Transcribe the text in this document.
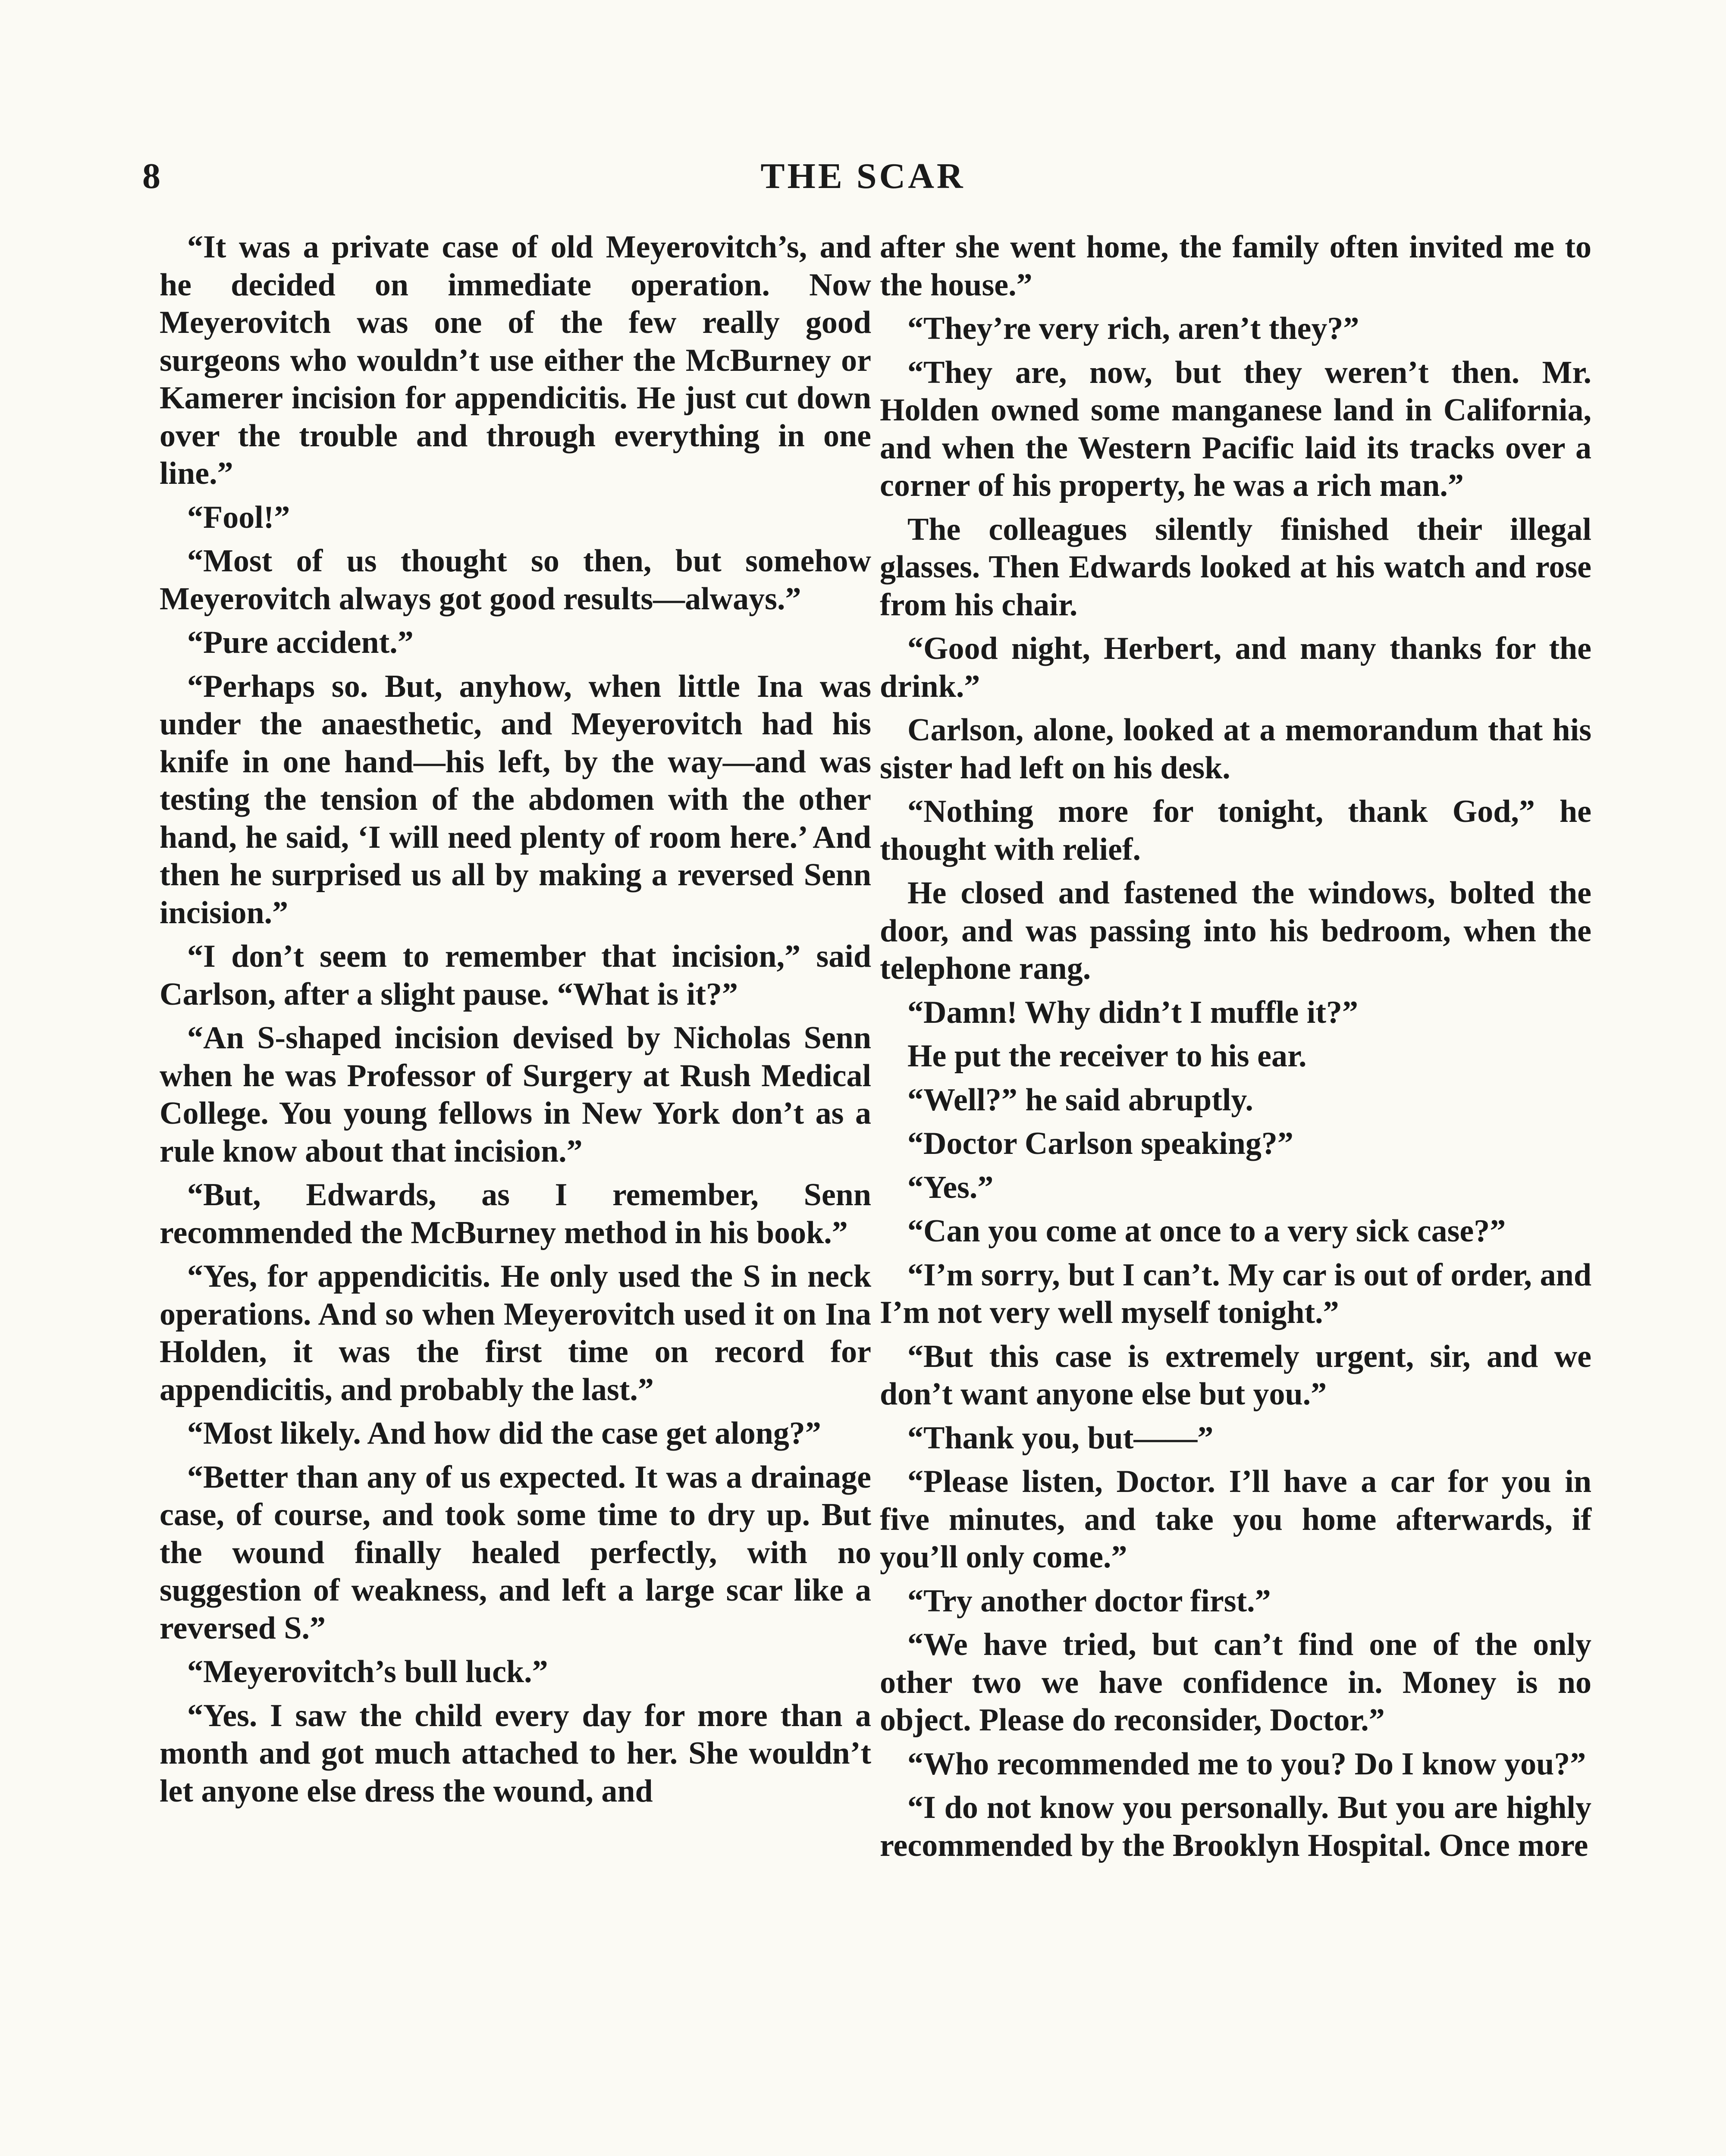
8	THE SCAR

“It was a private case of old Meyerovitch’s, and he decided on immediate operation. Now Meyerovitch was one of the few really good surgeons who wouldn’t use either the McBurney or Kamerer incision for appendicitis. He just cut down over the trouble and through everything in one line.”

“Fool!”

“Most of us thought so then, but somehow Meyerovitch always got good results—always.”

“Pure accident.”

“Perhaps so. But, anyhow, when little Ina was under the anaesthetic, and Meyerovitch had his knife in one hand—his left, by the way—and was testing the tension of the abdomen with the other hand, he said, ‘I will need plenty of room here.’ And then he surprised us all by making a reversed Senn incision.”

“I don’t seem to remember that incision,” said Carlson, after a slight pause. “What is it?”

“An S-shaped incision devised by Nicholas Senn when he was Professor of Surgery at Rush Medical College. You young fellows in New York don’t as a rule know about that incision.”

“But, Edwards, as I remember, Senn recommended the McBurney method in his book.”

“Yes, for appendicitis. He only used the S in neck operations. And so when Meyerovitch used it on Ina Holden, it was the first time on record for appendicitis, and probably the last.”

“Most likely. And how did the case get along?”

“Better than any of us expected. It was a drainage case, of course, and took some time to dry up. But the wound finally healed perfectly, with no suggestion of weakness, and left a large scar like a reversed S.”

“Meyerovitch’s bull luck.”

“Yes. I saw the child every day for more than a month and got much attached to her. She wouldn’t let anyone else dress the wound, and

after she went home, the family often invited me to the house.”

“They’re very rich, aren’t they?”

“They are, now, but they weren’t then. Mr. Holden owned some manganese land in California, and when the Western Pacific laid its tracks over a corner of his property, he was a rich man.”

The colleagues silently finished their illegal glasses. Then Edwards looked at his watch and rose from his chair.

“Good night, Herbert, and many thanks for the drink.”

Carlson, alone, looked at a memorandum that his sister had left on his desk.

“Nothing more for tonight, thank God,” he thought with relief.

He closed and fastened the windows, bolted the door, and was passing into his bedroom, when the telephone rang.

“Damn! Why didn’t I muffle it?”

He put the receiver to his ear.

“Well?” he said abruptly.

“Doctor Carlson speaking?”

“Yes.”

“Can you come at once to a very sick case?”

“I’m sorry, but I can’t. My car is out of order, and I’m not very well myself tonight.”

“But this case is extremely urgent, sir, and we don’t want anyone else but you.”

“Thank you, but——”

“Please listen, Doctor. I’ll have a car for you in five minutes, and take you home afterwards, if you’ll only come.”

“Try another doctor first.”

“We have tried, but can’t find one of the only other two we have confidence in. Money is no object. Please do reconsider, Doctor.”

“Who recommended me to you? Do I know you?”

“I do not know you personally. But you are highly recommended by the Brooklyn Hospital. Once more
